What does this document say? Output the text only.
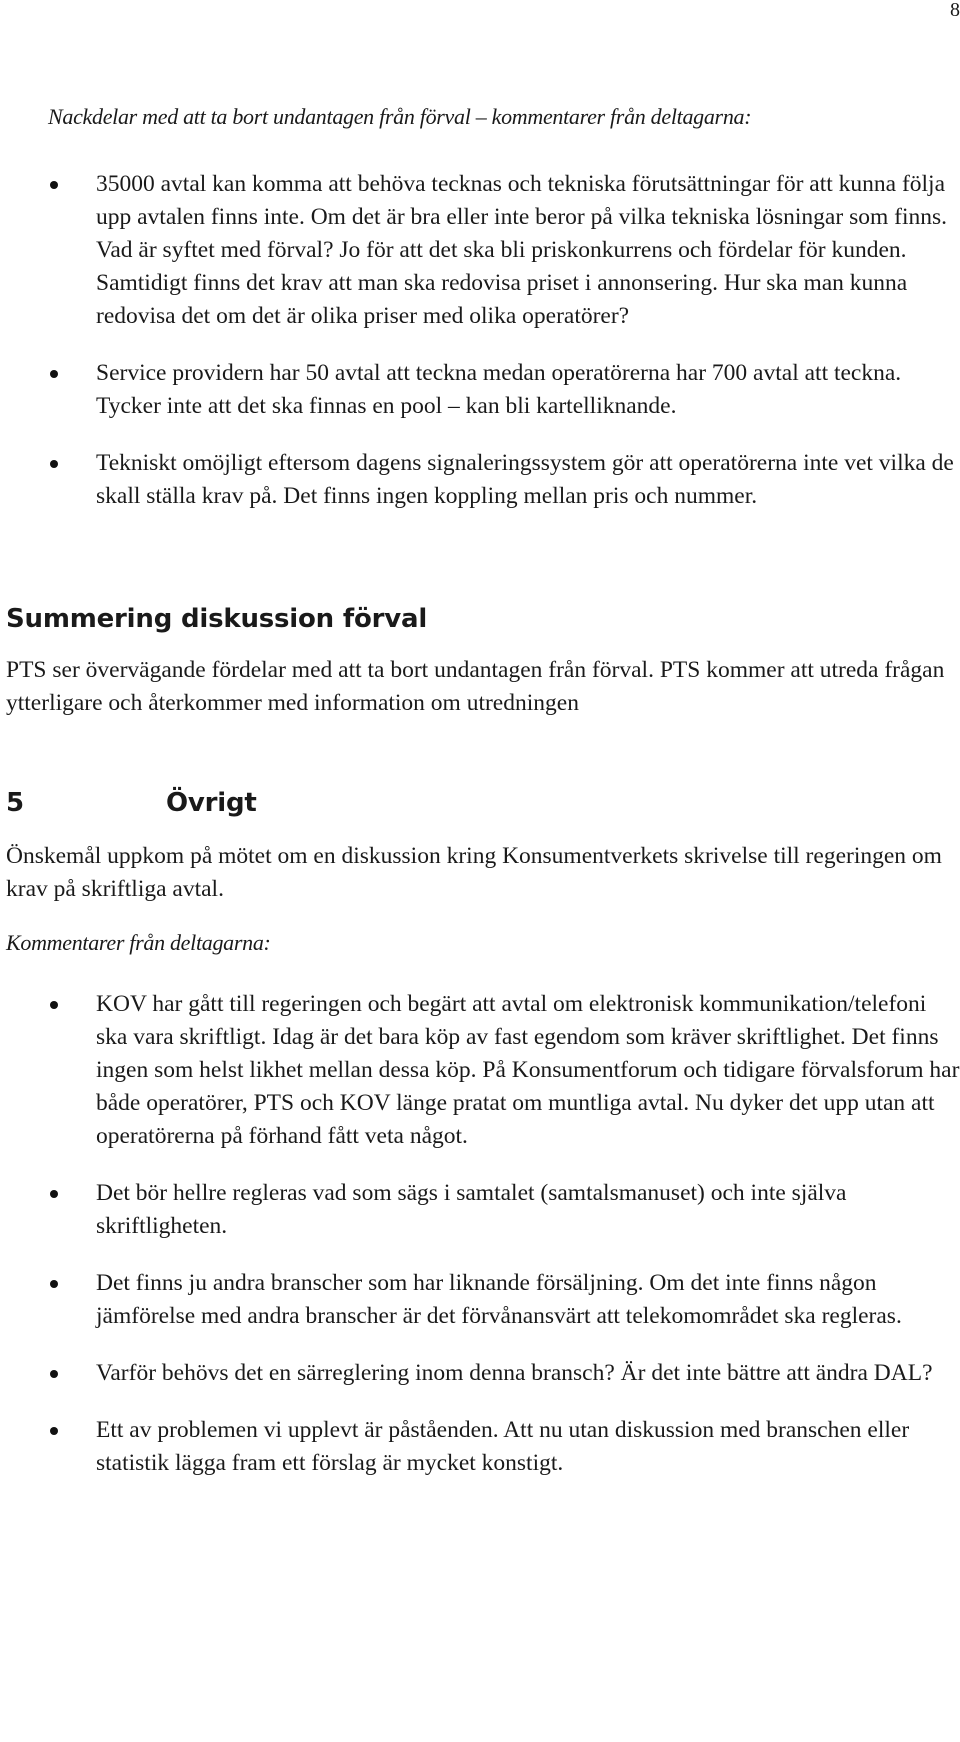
8
Nackdelar med att ta bort undantagen från förval – kommentarer från deltagarna:
35000 avtal kan komma att behöva tecknas och tekniska förutsättningar för att kunna följa upp avtalen finns inte. Om det är bra eller inte beror på vilka tekniska lösningar som finns. Vad är syftet med förval? Jo för att det ska bli priskonkurrens och fördelar för kunden. Samtidigt finns det krav att man ska redovisa priset i annonsering. Hur ska man kunna redovisa det om det är olika priser med olika operatörer?
Service providern har 50 avtal att teckna medan operatörerna har 700 avtal att teckna. Tycker inte att det ska finnas en pool – kan bli kartelliknande.
Tekniskt omöjligt eftersom dagens signaleringssystem gör att operatörerna inte vet vilka de skall ställa krav på. Det finns ingen koppling mellan pris och nummer.
Summering diskussion förval

PTS ser övervägande fördelar med att ta bort undantagen från förval. PTS kommer att utreda frågan ytterligare och återkommer med information om utredningen

5	Övrigt

Önskemål uppkom på mötet om en diskussion kring Konsumentverkets skrivelse till regeringen om krav på skriftliga avtal.

Kommentarer från deltagarna:
KOV har gått till regeringen och begärt att avtal om elektronisk kommunikation/telefoni ska vara skriftligt. Idag är det bara köp av fast egendom som kräver skriftlighet. Det finns ingen som helst likhet mellan dessa köp. På Konsumentforum och tidigare förvalsforum har både operatörer, PTS och KOV länge pratat om muntliga avtal. Nu dyker det upp utan att operatörerna på förhand fått veta något.
Det bör hellre regleras vad som sägs i samtalet (samtalsmanuset) och inte själva skriftligheten.
Det finns ju andra branscher som har liknande försäljning. Om det inte finns någon jämförelse med andra branscher är det förvånansvärt att telekomområdet ska regleras.
Varför behövs det en särreglering inom denna bransch? Är det inte bättre att ändra DAL?
Ett av problemen vi upplevt är påståenden. Att nu utan diskussion med branschen eller statistik lägga fram ett förslag är mycket konstigt.
